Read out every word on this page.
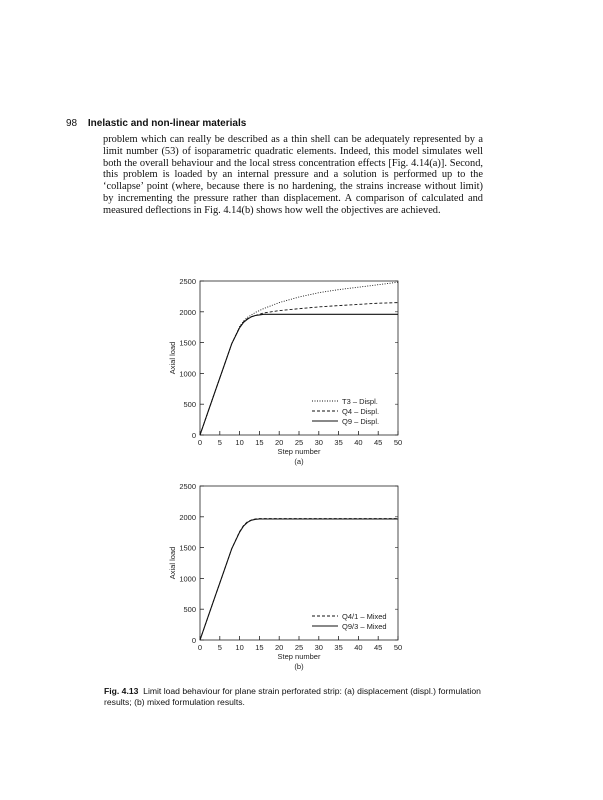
98 Inelastic and non-linear materials

problem which can really be described as a thin shell can be adequately represented by a limit number (53) of isoparametric quadratic elements. Indeed, this model simulates well both the overall behaviour and the local stress concentration effects [Fig. 4.14(a)]. Second, this problem is loaded by an internal pressure and a solution is performed up to the ‘collapse’ point (where, because there is no hardening, the strains increase without limit) by incrementing the pressure rather than displacement. A comparison of calculated and measured deflections in Fig. 4.14(b) shows how well the objectives are achieved.

0
500
1000
1500
2000
2500
0 5 10 15 20 25 30 35 40 45 50
Step number
Axial load
(a)
T3 – Displ.
Q4 – Displ.
Q9 – Displ.
0
500
1000
1500
2000
2500
0 5 10 15 20 25 30 35 40 45 50
Step number
Axial load
(b)
Q4/1 – Mixed
Q9/3 – Mixed

Fig. 4.13 Limit load behaviour for plane strain perforated strip: (a) displacement (displ.) formulation results; (b) mixed formulation results.
